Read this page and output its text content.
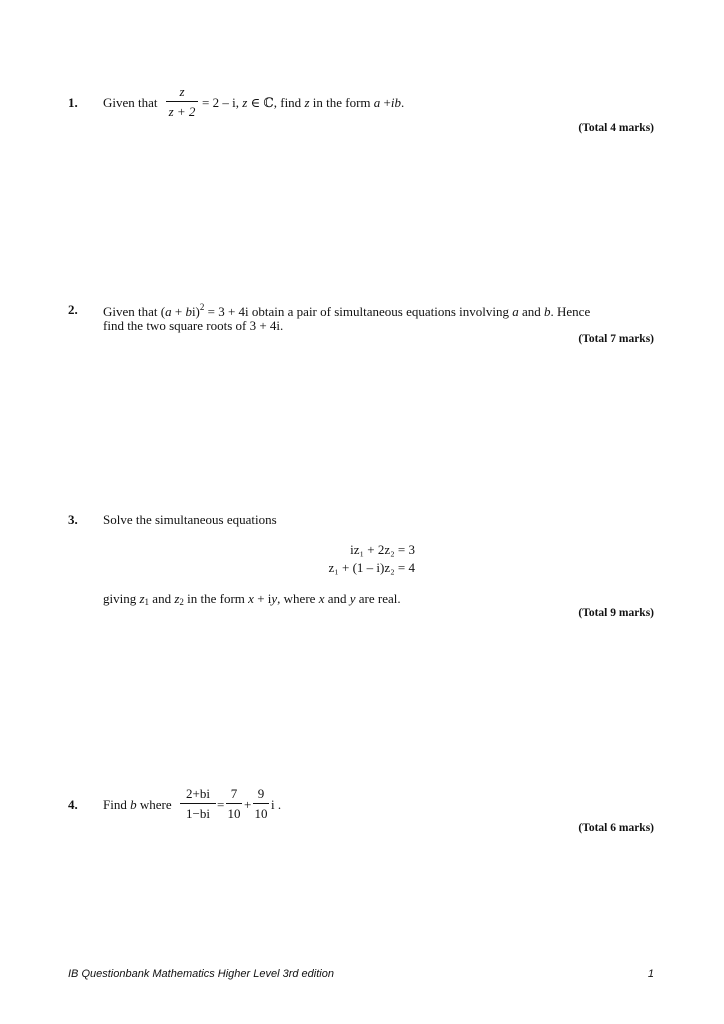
1. Given that
z
z + 2
= 2 – i, z ∈ ℂ, find z in the form a +ib.
(Total 4 marks)
2. Given that (a + bi)$^2$ = 3 + 4i obtain a pair of simultaneous equations involving a and b. Hence
find the two square roots of 3 + 4i.
(Total 7 marks)
3. Solve the simultaneous equations
iz₁ + 2z₂ = 3
z₁ + (1 – i)z₂ = 4
giving $z_1$ and $z_2$ in the form x + iy, where x and y are real.
(Total 9 marks)
4. Find b where
2+bi
1−bi
=
7
10
+
9
10
i .
(Total 6 marks)
IB Questionbank Mathematics Higher Level 3rd edition	1
